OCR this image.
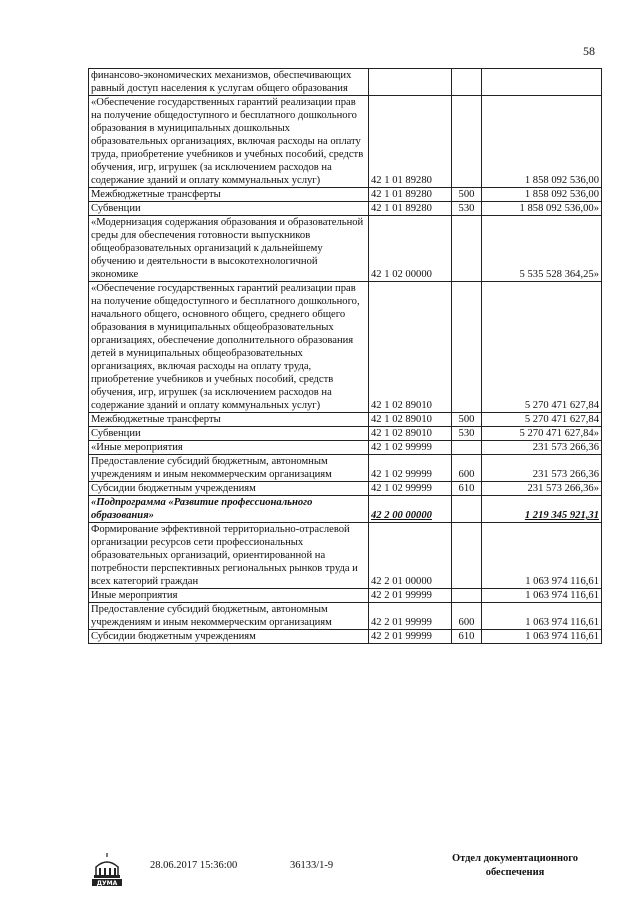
58
финансово-экономических механизмов, обеспечивающих равный доступ населения к услугам общего образования			
«Обеспечение государственных гарантий реализации прав на получение общедоступного и бесплатного дошкольного образования в муниципальных дошкольных образовательных организациях, включая расходы на оплату труда, приобретение учебников и учебных пособий, средств обучения, игр, игрушек (за исключением расходов на содержание зданий и оплату коммунальных услуг)	42 1 01 89280		1 858 092 536,00
Межбюджетные трансферты	42 1 01 89280	500	1 858 092 536,00
Субвенции	42 1 01 89280	530	1 858 092 536,00»
«Модернизация содержания образования и образовательной среды для обеспечения готовности выпускников общеобразовательных организаций к дальнейшему обучению и деятельности в высокотехнологичной экономике	42 1 02 00000		5 535 528 364,25»
«Обеспечение государственных гарантий реализации прав на получение общедоступного и бесплатного дошкольного, начального общего, основного общего, среднего общего образования в муниципальных общеобразовательных организациях, обеспечение дополнительного образования детей в муниципальных общеобразовательных организациях, включая расходы на оплату труда, приобретение учебников и учебных пособий, средств обучения, игр, игрушек (за исключением расходов на содержание зданий и оплату коммунальных услуг)	42 1 02 89010		5 270 471 627,84
Межбюджетные трансферты	42 1 02 89010	500	5 270 471 627,84
Субвенции	42 1 02 89010	530	5 270 471 627,84»
«Иные мероприятия	42 1 02 99999		231 573 266,36
Предоставление субсидий бюджетным, автономным учреждениям и иным некоммерческим организациям	42 1 02 99999	600	231 573 266,36
Субсидии бюджетным учреждениям	42 1 02 99999	610	231 573 266,36»
«Подпрограмма «Развитие профессионального образования»	42 2 00 00000		1 219 345 921,31
Формирование эффективной территориально-отраслевой организации ресурсов сети профессиональных образовательных организаций, ориентированной на потребности перспективных региональных рынков труда и всех категорий граждан	42 2 01 00000		1 063 974 116,61
Иные мероприятия	42 2 01 99999		1 063 974 116,61
Предоставление субсидий бюджетным, автономным учреждениям и иным некоммерческим организациям	42 2 01 99999	600	1 063 974 116,61
Субсидии бюджетным учреждениям	42 2 01 99999	610	1 063 974 116,61
ДУМА
28.06.2017 15:36:00	36133/1-9
Отдел документационного обеспечения
